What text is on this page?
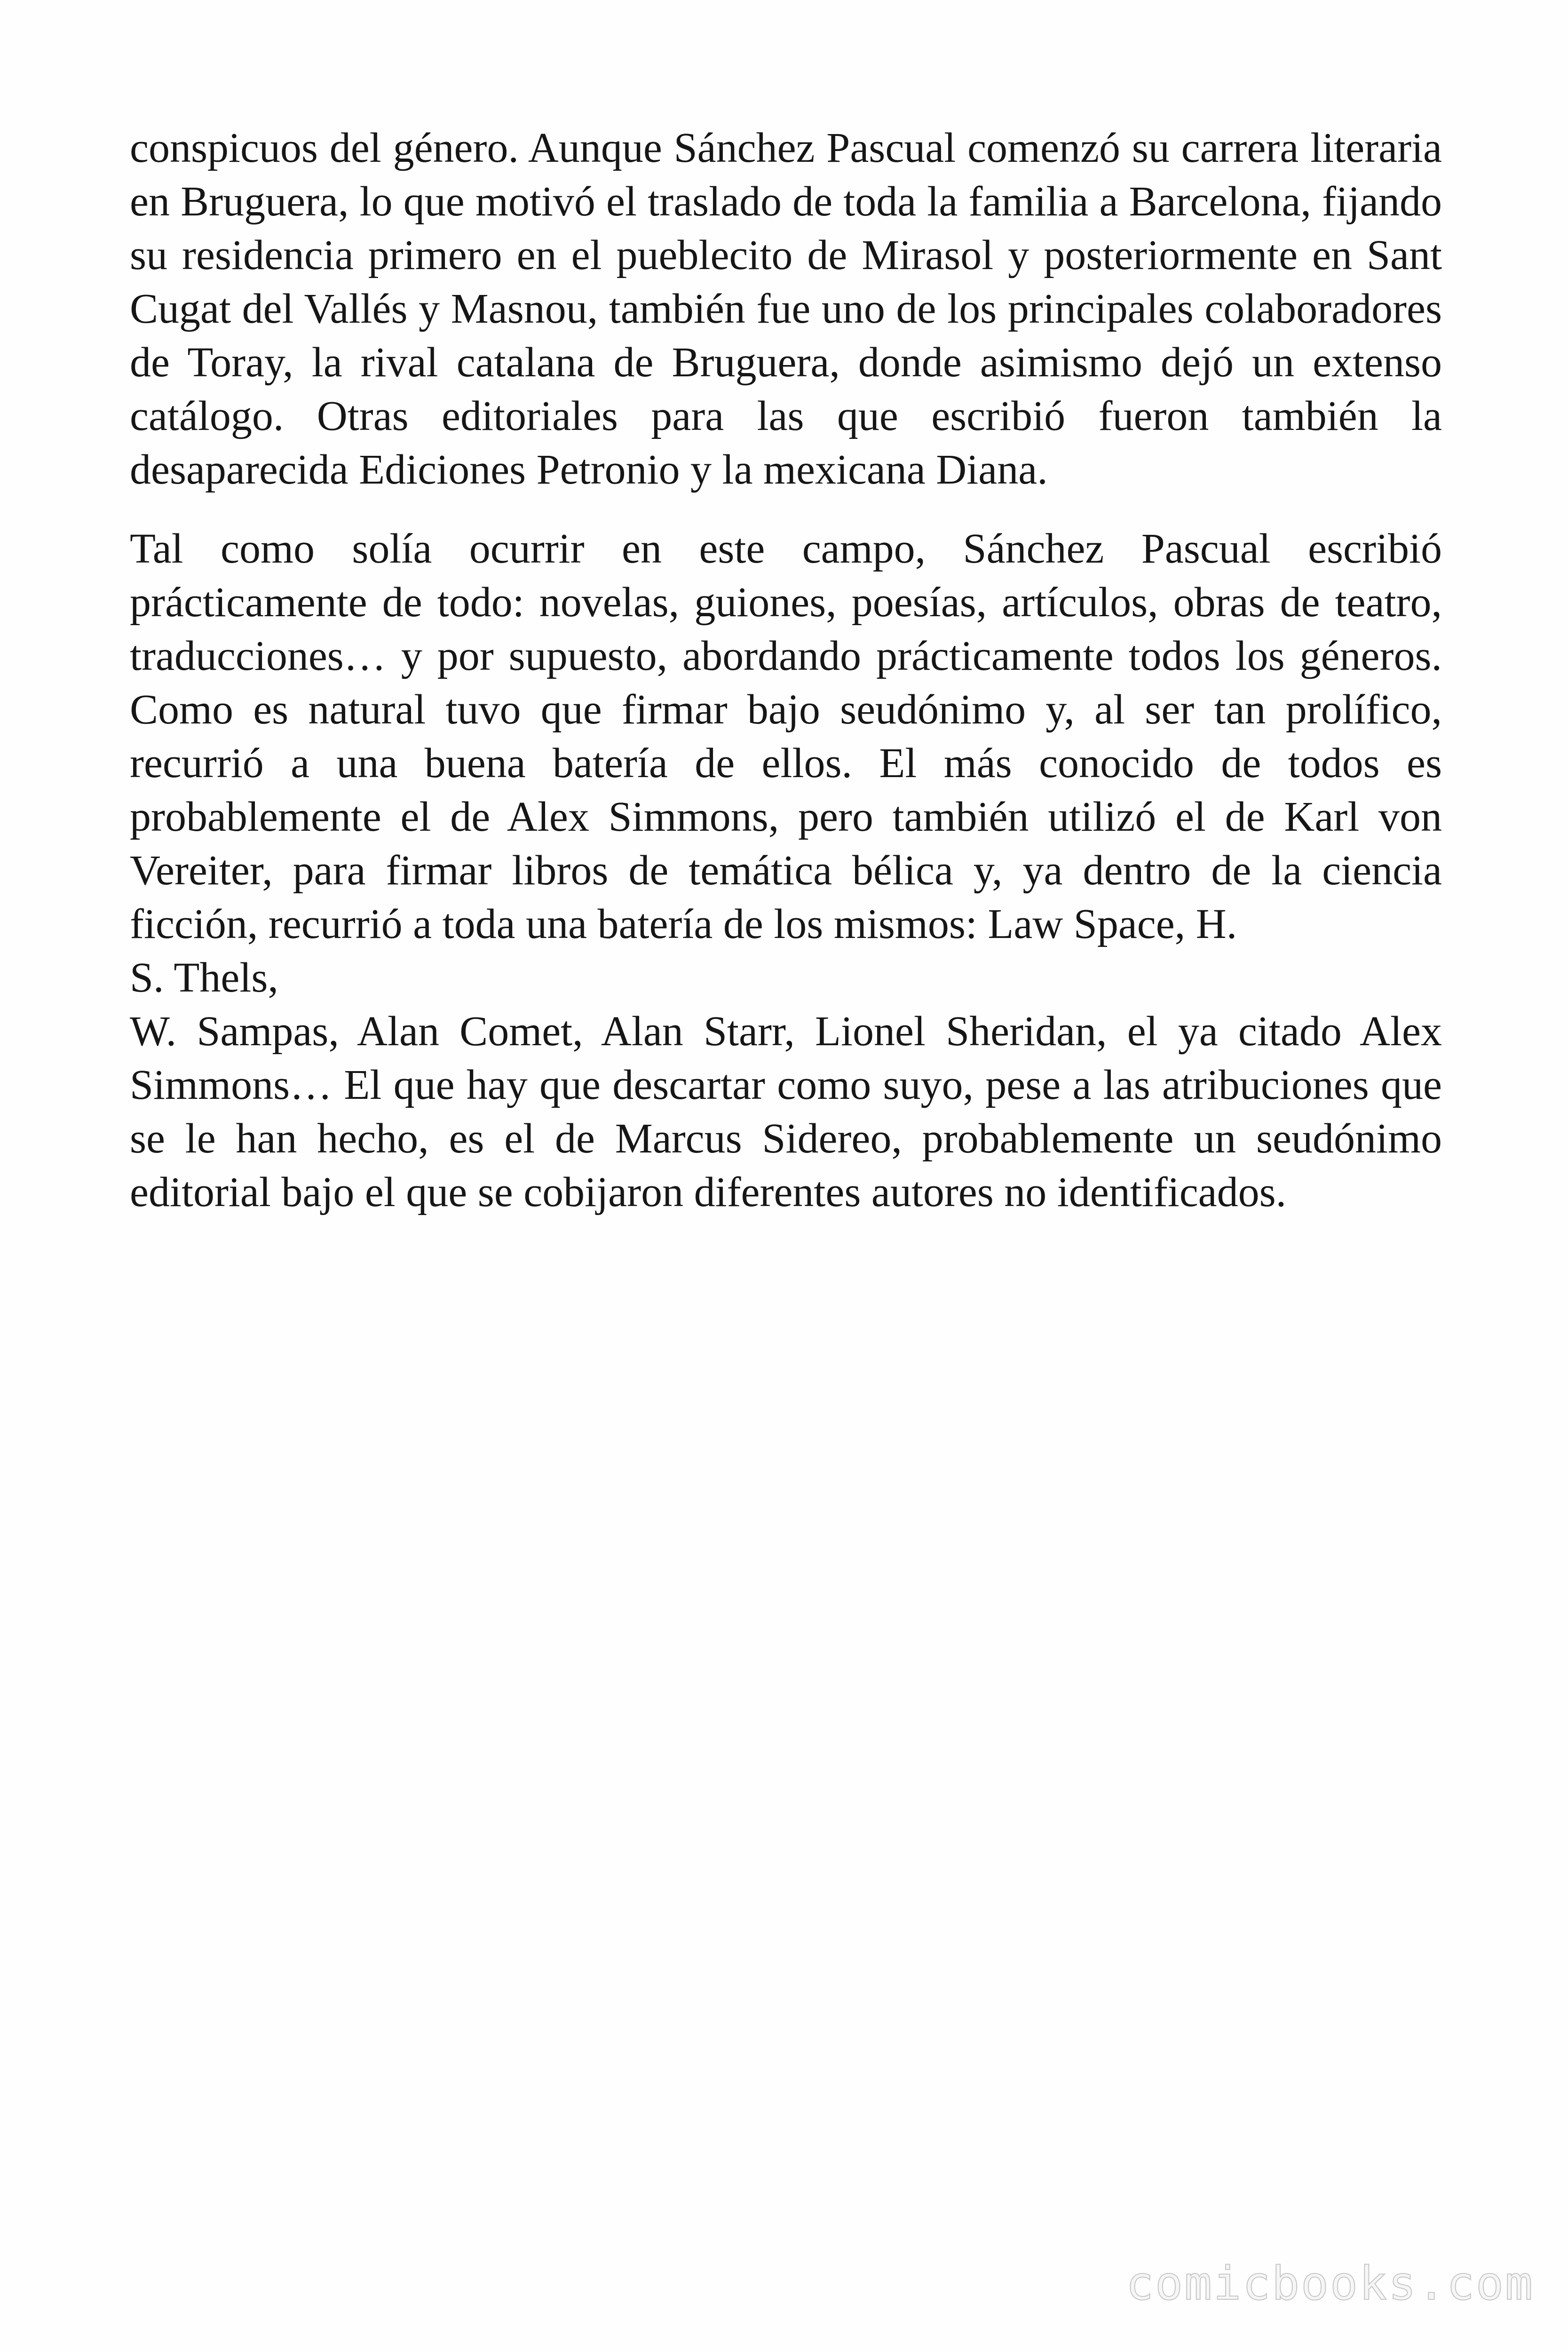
conspicuos del género. Aunque Sánchez Pascual comenzó su carrera literaria en Bruguera, lo que motivó el traslado de toda la familia a Barcelona, fijando su residencia primero en el pueblecito de Mirasol y posteriormente en Sant Cugat del Vallés y Masnou, también fue uno de los principales colaboradores de Toray, la rival catalana de Bruguera, donde asimismo dejó un extenso catálogo. Otras editoriales para las que escribió fueron también la desaparecida Ediciones Petronio y la mexicana Diana.

Tal como solía ocurrir en este campo, Sánchez Pascual escribió prácticamente de todo: novelas, guiones, poesías, artículos, obras de teatro, traducciones… y por supuesto, abordando prácticamente todos los géneros. Como es natural tuvo que firmar bajo seudónimo y, al ser tan prolífico, recurrió a una buena batería de ellos. El más conocido de todos es probablemente el de Alex Simmons, pero también utilizó el de Karl von Vereiter, para firmar libros de temática bélica y, ya dentro de la ciencia ficción, recurrió a toda una batería de los mismos: Law Space, H.
S. Thels,
W. Sampas, Alan Comet, Alan Starr, Lionel Sheridan, el ya citado Alex Simmons… El que hay que descartar como suyo, pese a las atribuciones que se le han hecho, es el de Marcus Sidereo, probablemente un seudónimo editorial bajo el que se cobijaron diferentes autores no identificados.

comicbooks.com
